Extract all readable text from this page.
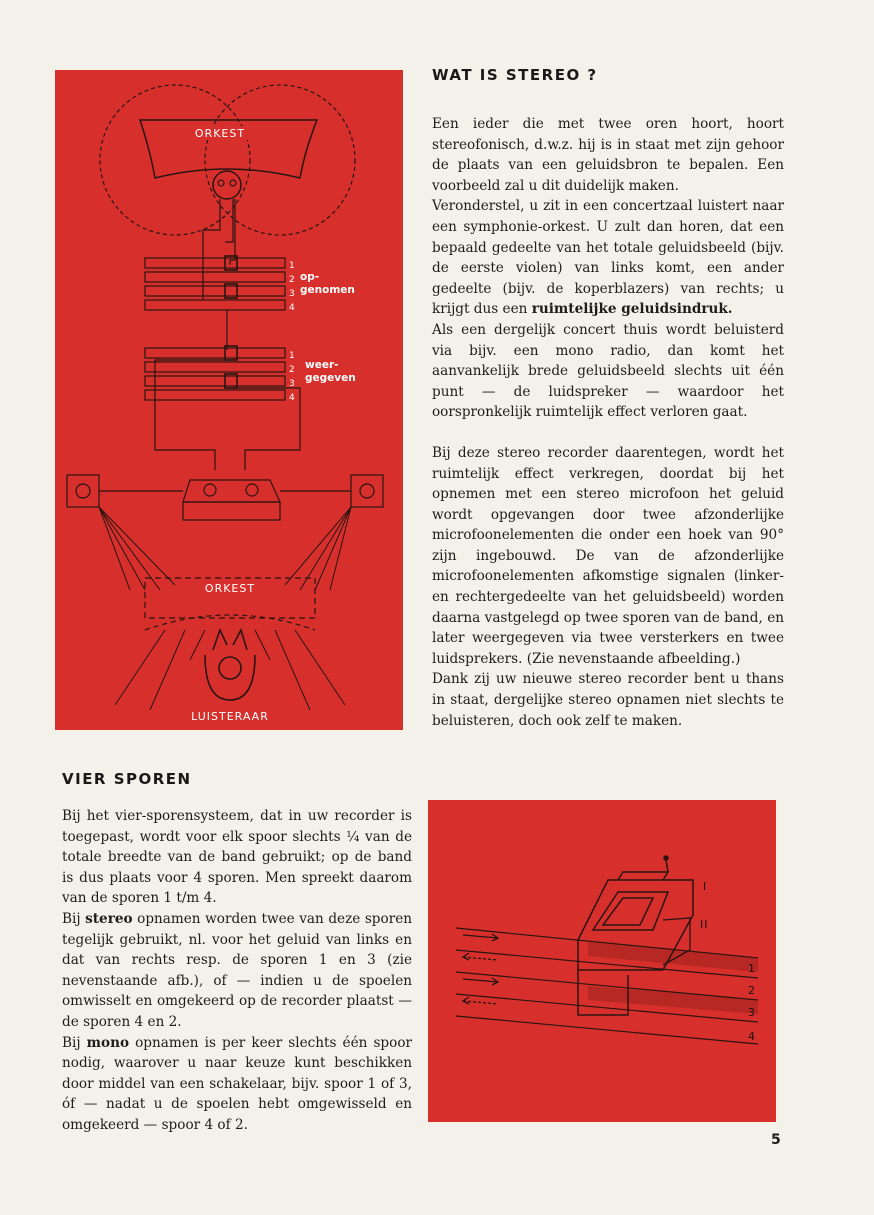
ORKEST
op-
genomen
weer-
gegeven
1
2
3
4
1
2
3
4
ORKEST
LUISTERAAR
WAT IS STEREO ?

Een ieder die met twee oren hoort, hoort stereofonisch, d.w.z. hij is in staat met zijn gehoor de plaats van een geluidsbron te bepalen. Een voorbeeld zal u dit duidelijk maken.

Veronderstel, u zit in een concertzaal luistert naar een symphonie-orkest. U zult dan horen, dat een bepaald gedeelte van het totale geluidsbeeld (bijv. de eerste violen) van links komt, een ander gedeelte (bijv. de koperblazers) van rechts; u krijgt dus een ruimtelijke geluidsindruk.

Als een dergelijk concert thuis wordt beluisterd via bijv. een mono radio, dan komt het aanvankelijk brede geluidsbeeld slechts uit één punt — de luidspreker — waardoor het oorspronkelijk ruimtelijk effect verloren gaat.

Bij deze stereo recorder daarentegen, wordt het ruimtelijk effect verkregen, doordat bij het opnemen met een stereo microfoon het geluid wordt opgevangen door twee afzonderlijke microfoonelementen die onder een hoek van 90° zijn ingebouwd. De van de afzonderlijke microfoonelementen afkomstige signalen (linker- en rechtergedeelte van het geluidsbeeld) worden daarna vastgelegd op twee sporen van de band, en later weergegeven via twee versterkers en twee luidsprekers. (Zie nevenstaande afbeelding.)

Dank zij uw nieuwe stereo recorder bent u thans in staat, dergelijke stereo opnamen niet slechts te beluisteren, doch ook zelf te maken.

VIER SPOREN

Bij het vier-sporensysteem, dat in uw recorder is toegepast, wordt voor elk spoor slechts ¼ van de totale breedte van de band gebruikt; op de band is dus plaats voor 4 sporen. Men spreekt daarom van de sporen 1 t/m 4.

Bij stereo opnamen worden twee van deze sporen tegelijk gebruikt, nl. voor het geluid van links en dat van rechts resp. de sporen 1 en 3 (zie nevenstaande afb.), of — indien u de spoelen omwisselt en omgekeerd op de recorder plaatst — de sporen 4 en 2.

Bij mono opnamen is per keer slechts één spoor nodig, waarover u naar keuze kunt beschikken door middel van een schakelaar, bijv. spoor 1 of 3, óf — nadat u de spoelen hebt omgewisseld en omgekeerd — spoor 4 of 2.

I
II
1
2
3
4
5
